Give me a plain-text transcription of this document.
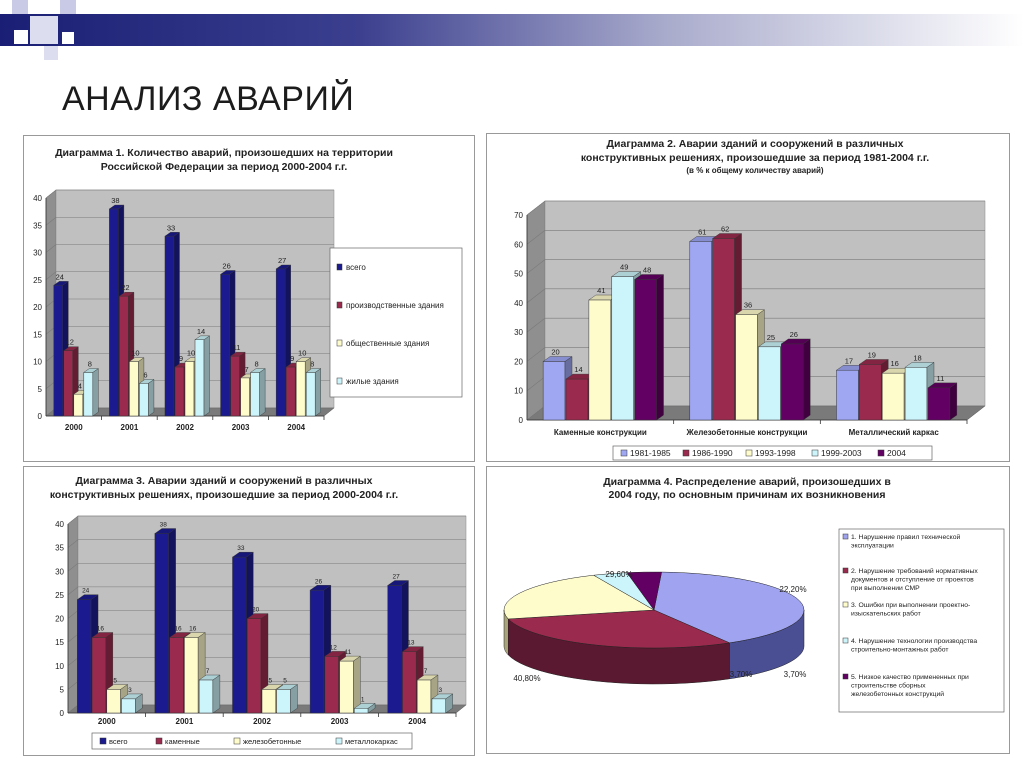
АНАЛИЗ АВАРИЙ
Диаграмма 1. Количество аварий, произошедших на территории
Российской Федерации за период 2000-2004 г.г.
0
5
10
15
20
25
30
35
40
2000
24
12
4
8
2001
38
22
10
6
2002
33
9
10
14
2003
26
11
7
8
2004
27
9
10
8
всего
производственные здания
общественные здания
жилые здания
Диаграмма 2. Аварии зданий и сооружений в различных
конструктивных решениях, произошедшие за период 1981-2004 г.г.
(в % к общему количеству аварий)
0
10
20
30
40
50
60
70
Каменные конструкции
20
14
41
49 48
Железобетонные конструкции
61 62
36
25 26
Металлический каркас
17
19
16
18
11
1981-1985	1986-1990	1993-1998	1999-2003	2004
Диаграмма 3. Аварии зданий и сооружений в различных
конструктивных решениях, произошедшие за период 2000-2004 г.г.
0
5
10
15
20
25
30
35
40
2000
24
16
5
3
2001
38
16 16
7
2002
33
20
5 5
2003
26
12
11
1
2004
27
13
7
3
всего	каменные	железобетонные	металлокаркас
Диаграмма 4. Распределение аварий, произошедших в
2004 году, по основным причинам их возникновения
40,80%
29,60%
22,20%
3,70%
3,70%
1. Нарушение правил технической
эксплуатации
2. Нарушение требований нормативных
документов и отступление от проектов
при выполнении СМР
3. Ошибки при выполнении проектно-
изыскательских работ
4. Нарушение технологии производства
строительно-монтажных работ
5. Низкое качество примененных при
строительстве сборных
железобетонных конструкций
